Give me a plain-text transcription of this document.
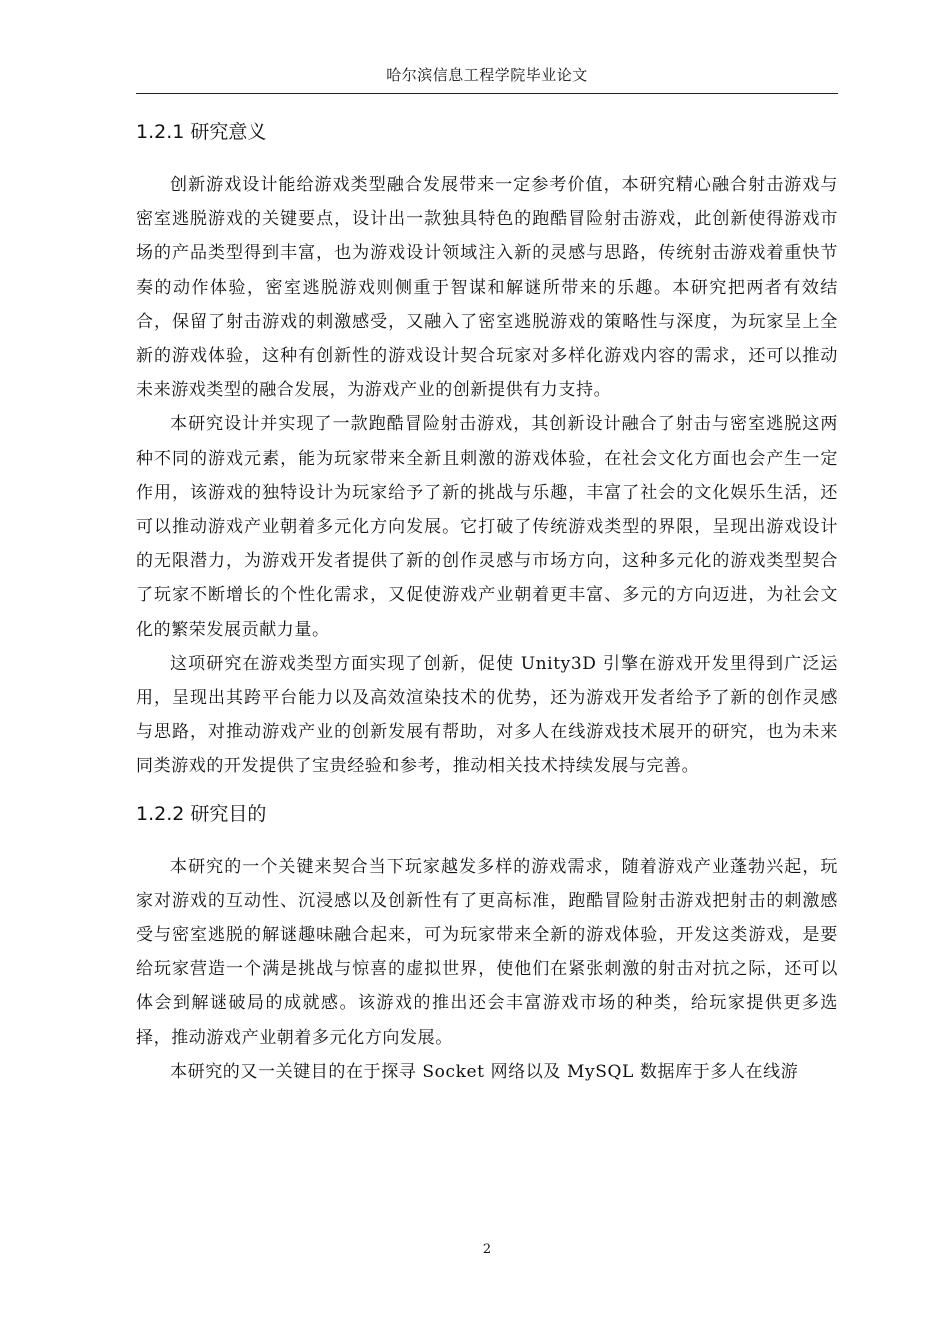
哈尔滨信息工程学院毕业论文
1.2.1 研究意义

创新游戏设计能给游戏类型融合发展带来一定参考价值，本研究精心融合射击游戏与密室逃脱游戏的关键要点，设计出一款独具特色的跑酷冒险射击游戏，此创新使得游戏市场的产品类型得到丰富，也为游戏设计领域注入新的灵感与思路，传统射击游戏着重快节奏的动作体验，密室逃脱游戏则侧重于智谋和解谜所带来的乐趣。本研究把两者有效结合，保留了射击游戏的刺激感受，又融入了密室逃脱游戏的策略性与深度，为玩家呈上全新的游戏体验，这种有创新性的游戏设计契合玩家对多样化游戏内容的需求，还可以推动未来游戏类型的融合发展，为游戏产业的创新提供有力支持。

本研究设计并实现了一款跑酷冒险射击游戏，其创新设计融合了射击与密室逃脱这两种不同的游戏元素，能为玩家带来全新且刺激的游戏体验，在社会文化方面也会产生一定作用，该游戏的独特设计为玩家给予了新的挑战与乐趣，丰富了社会的文化娱乐生活，还可以推动游戏产业朝着多元化方向发展。它打破了传统游戏类型的界限，呈现出游戏设计的无限潜力，为游戏开发者提供了新的创作灵感与市场方向，这种多元化的游戏类型契合了玩家不断增长的个性化需求，又促使游戏产业朝着更丰富、多元的方向迈进，为社会文化的繁荣发展贡献力量。

这项研究在游戏类型方面实现了创新，促使 Unity3D 引擎在游戏开发里得到广泛运用，呈现出其跨平台能力以及高效渲染技术的优势，还为游戏开发者给予了新的创作灵感与思路，对推动游戏产业的创新发展有帮助，对多人在线游戏技术展开的研究，也为未来同类游戏的开发提供了宝贵经验和参考，推动相关技术持续发展与完善。

1.2.2 研究目的

本研究的一个关键来契合当下玩家越发多样的游戏需求，随着游戏产业蓬勃兴起，玩家对游戏的互动性、沉浸感以及创新性有了更高标准，跑酷冒险射击游戏把射击的刺激感受与密室逃脱的解谜趣味融合起来，可为玩家带来全新的游戏体验，开发这类游戏，是要给玩家营造一个满是挑战与惊喜的虚拟世界，使他们在紧张刺激的射击对抗之际，还可以体会到解谜破局的成就感。该游戏的推出还会丰富游戏市场的种类，给玩家提供更多选择，推动游戏产业朝着多元化方向发展。

本研究的又一关键目的在于探寻 Socket 网络以及 MySQL 数据库于多人在线游

2
